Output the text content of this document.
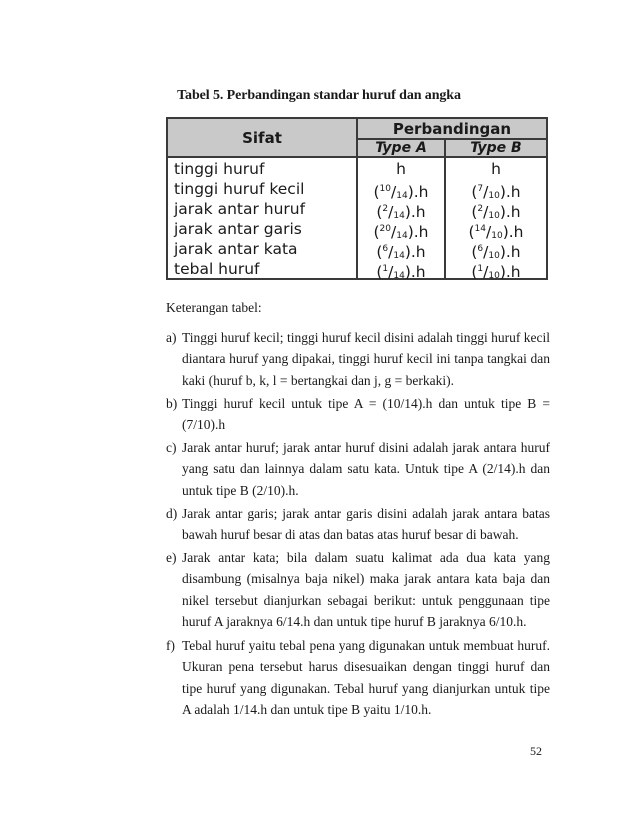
Tabel 5. Perbandingan standar huruf dan angka
Sifat	Perbandingan
Type A	Type B
tinggi huruf	h	h
tinggi huruf kecil	$(^{10}/_{14}).h$	$(^7/_{10}).h$
jarak antar huruf	$(^2/_{14}).h$	$(^2/_{10}).h$
jarak antar garis	$(^{20}/_{14}).h$	$(^{14}/_{10}).h$
jarak antar kata	$(^6/_{14}).h$	$(^6/_{10}).h$
tebal huruf	$(^1/_{14}).h$	$(^1/_{10}).h$
Keterangan tabel:
a) Tinggi huruf kecil; tinggi huruf kecil disini adalah tinggi huruf kecil diantara huruf yang dipakai, tinggi huruf kecil ini tanpa tangkai dan kaki (huruf b, k, l = bertangkai dan j, g = berkaki).
b) Tinggi huruf kecil untuk tipe A = (10/14).h dan untuk tipe B = (7/10).h
c) Jarak antar huruf; jarak antar huruf disini adalah jarak antara huruf yang satu dan lainnya dalam satu kata. Untuk tipe A (2/14).h dan untuk tipe B (2/10).h.
d) Jarak antar garis; jarak antar garis disini adalah jarak antara batas bawah huruf besar di atas dan batas atas huruf besar di bawah.
e) Jarak antar kata; bila dalam suatu kalimat ada dua kata yang disambung (misalnya baja nikel) maka jarak antara kata baja dan nikel tersebut dianjurkan sebagai berikut: untuk penggunaan tipe huruf A jaraknya 6/14.h dan untuk tipe huruf B jaraknya 6/10.h.
f) Tebal huruf yaitu tebal pena yang digunakan untuk membuat huruf. Ukuran pena tersebut harus disesuaikan dengan tinggi huruf dan tipe huruf yang digunakan. Tebal huruf yang dianjurkan untuk tipe A adalah 1/14.h dan untuk tipe B yaitu 1/10.h.
52
